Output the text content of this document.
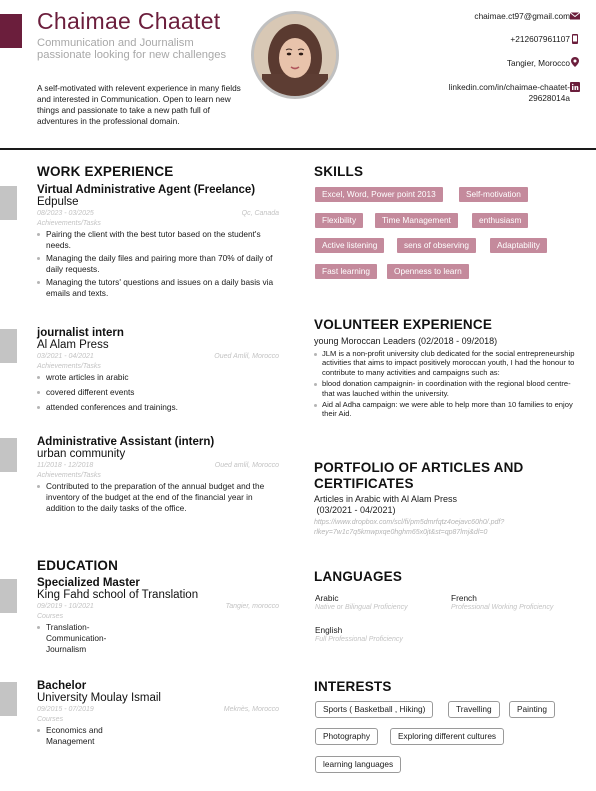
Chaimae Chaatet
Communication and Journalism passionate looking for new challenges
A self-motivated with relevent experience in many fields and interested in Communication. Open to learn new things and passionate to take a new path full of adventures in the professional domain.
chaimae.ct97@gmail.com
+212607961107
Tangier, Morocco
linkedin.com/in/chaimae-chaatet-
29628014a
WORK EXPERIENCE
Virtual Administrative Agent (Freelance)
Edpulse
08/2023 - 03/2025	Qc, Canada
Achievements/Tasks
Pairing the client with the best tutor based on the student's needs.
Managing the daily files and pairing more than 70% of daily of daily requests.
Managing the tutors' questions and issues on a daily basis via emails and texts.
journalist intern
Al Alam Press
03/2021 - 04/2021	Oued Amlil, Morocco
Achievements/Tasks
wrote articles in arabic
covered different events
attended conferences and trainings.
Administrative Assistant (intern)
urban community
11/2018 - 12/2018	Oued amlil, Morocco
Achievements/Tasks
Contributed to the preparation of the annual budget and the inventory of the budget at the end of the financial year in addition to the daily tasks of the office.
EDUCATION
Specialized Master
King Fahd school of Translation
09/2019 - 10/2021	Tangier, morocco
Courses
Translation-Communication-Journalism
Bachelor
University Moulay Ismail
09/2015 - 07/2019	Meknès, Morocco
Courses
Economics and Management
SKILLS
Excel, Word, Power point 2013	Self-motivation
Flexibility	Time Management	enthusiasm
Active listening	sens of observing	Adaptability
Fast learning	Openness to learn
VOLUNTEER EXPERIENCE
young Moroccan Leaders (02/2018 - 09/2018)
JLM is a non-profit university club dedicated for the social entrepreneurship activities that aims to impact positively moroccan youth, I had the honour to contribute to many activities and campaigns such as:
blood donation campaignin- in coordination with the regional blood centre- that was lauched within the university.
Aid al Adha campaign: we were able to help more than 10 families to enjoy their Aid.
PORTFOLIO OF ARTICLES AND
CERTIFICATES
Articles in Arabic with Al Alam Press
(03/2021 - 04/2021)
https://www.dropbox.com/scl/fi/pm5dmrfqtz4oejavc60h0/.pdf?
rlkey=7w1c7q5kmwpxqe0hghm65x0jt&st=qp87lmj&dl=0
LANGUAGES
Arabic
Native or Bilingual Proficiency
French
Professional Working Proficiency
English
Full Professional Proficiency
INTERESTS
Sports ( Basketball , Hiking)	Travelling	Painting
Photography	Exploring different cultures
learning languages
